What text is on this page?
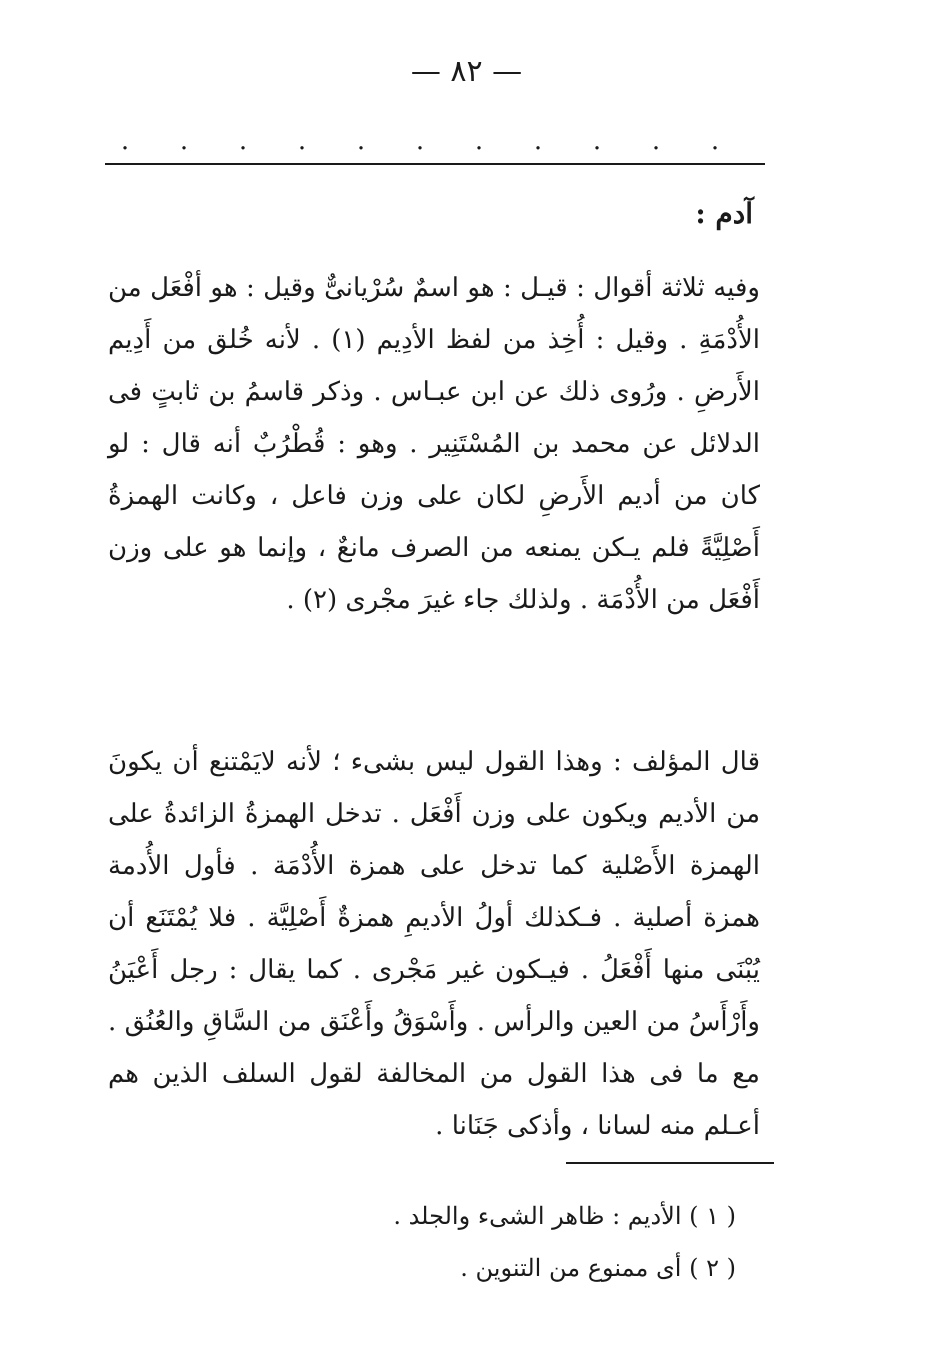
— ٨٢ —
. . . . . . . . . . .

آدم :

وفيه ثلاثة أقوال : قيـل : هو اسمٌ سُرْيانىٌّ وقيل : هو أفْعَل من الأُدْمَةِ . وقيل : أُخِذ من لفظ الأدِيم (١) . لأنه خُلق من أَدِيم الأَرضِ . ورُوى ذلك عن ابن عبـاس . وذكر قاسمُ بن ثابتٍ فى الدلائل عن محمد بن المُسْتَنِير . وهو : قُطْرُبٌ أنه قال : لو كان من أديم الأَرضِ لكان على وزن فاعل ، وكانت الهمزةُ أَصْلِيَّةً فلم يـكن يمنعه من الصرف مانعٌ ، وإنما هو على وزن أَفْعَل من الأُدْمَة . ولذلك جاء غيرَ مجْرى (٢) .

قال المؤلف : وهذا القول ليس بشىء ؛ لأنه لايَمْتنع أن يكونَ من الأديم ويكون على وزن أَفْعَل . تدخل الهمزةُ الزائدةُ على الهمزة الأَصْلية كما تدخل على همزة الأُدْمَة . فأول الأُدمة همزة أصلية . فـكذلك أولُ الأديمِ همزةٌ أَصْلِيَّة . فلا يُمْتَنَع أن يُبْنَى منها أَفْعَلُ . فيـكون غير مَجْرى . كما يقال : رجل أَعْيَنُ وأَرْأَسُ من العين والرأس . وأَسْوَقُ وأَعْنَق من السَّاقِ والعُنُق . مع ما فى هذا القول من المخالفة لقول السلف الذين هم أعـلم منه لسانا ، وأذكى جَنَانا .

( ١ ) الأديم : ظاهر الشىء والجلد .
( ٢ ) أى ممنوع من التنوين .
